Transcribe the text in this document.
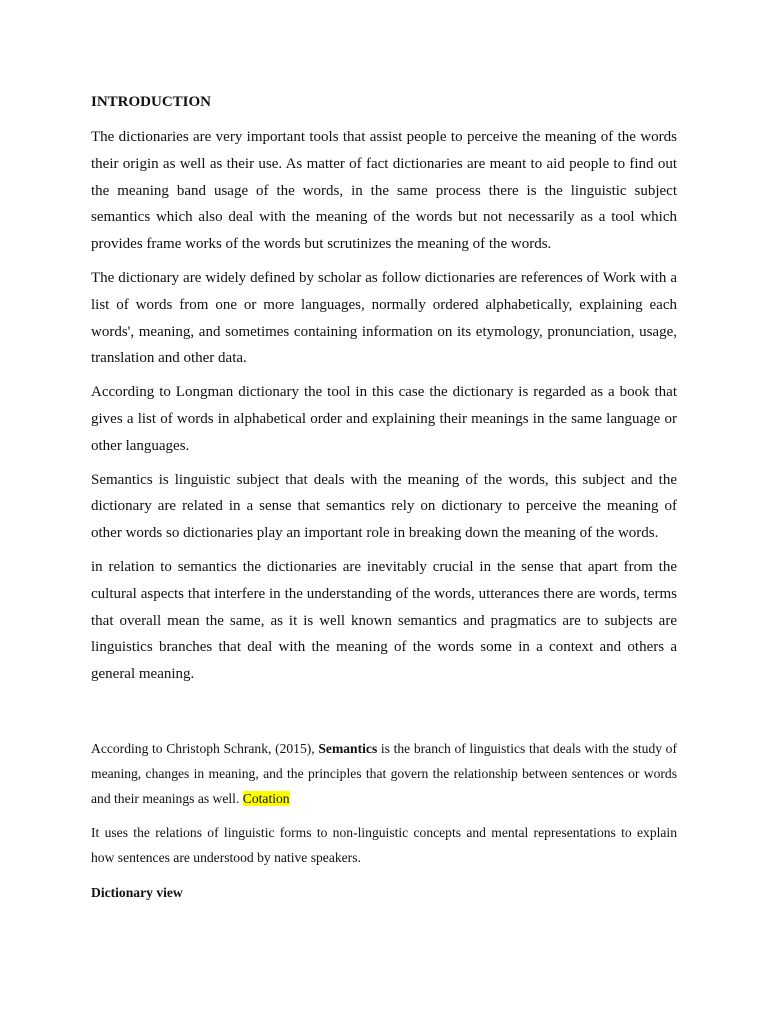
INTRODUCTION

The dictionaries are very important tools that assist people to perceive the meaning of the words their origin as well as their use. As matter of fact dictionaries are meant to aid people to find out the meaning band usage of the words, in the same process there is the linguistic subject semantics which also deal with the meaning of the words but not necessarily as a tool which provides frame works of the words but scrutinizes the meaning of the words.

The dictionary are widely defined by scholar as follow dictionaries are references of Work with a list of words from one or more languages, normally ordered alphabetically, explaining each words', meaning, and sometimes containing information on its etymology, pronunciation, usage, translation and other data.

According to Longman dictionary the tool in this case the dictionary is regarded as a book that gives a list of words in alphabetical order and explaining their meanings in the same language or other languages.

Semantics is linguistic subject that deals with the meaning of the words, this subject and the dictionary are related in a sense that semantics rely on dictionary to perceive the meaning of other words so dictionaries play an important role in breaking down the meaning of the words.

in relation to semantics the dictionaries are inevitably crucial in the sense that apart from the cultural aspects that interfere in the understanding of the words, utterances there are words, terms that overall mean the same, as it is well known semantics and pragmatics are to subjects are linguistics branches that deal with the meaning of the words some in a context and others a general meaning.

According to Christoph Schrank, (2015), Semantics is the branch of linguistics that deals with the study of meaning, changes in meaning, and the principles that govern the relationship between sentences or words and their meanings as well. Cotation

It uses the relations of linguistic forms to non-linguistic concepts and mental representations to explain how sentences are understood by native speakers.

Dictionary view
